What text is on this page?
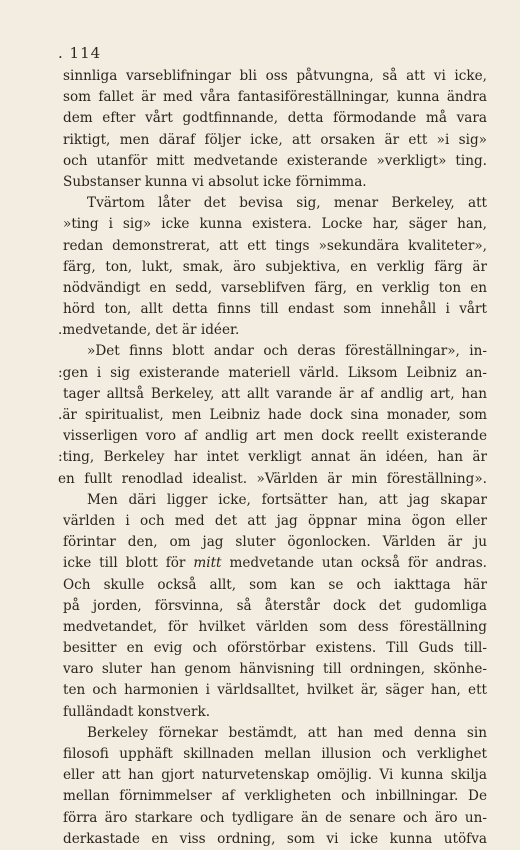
. 114
sinnliga varseblifningar bli oss påtvungna, så att vi icke,
som fallet är med våra fantasiföreställningar, kunna ändra
dem efter vårt godtfinnande, detta förmodande må vara
riktigt, men däraf följer icke, att orsaken är ett »i sig»
och utanför mitt medvetande existerande »verkligt» ting.
Substanser kunna vi absolut icke förnimma.
Tvärtom låter det bevisa sig, menar Berkeley, att
»ting i sig» icke kunna existera. Locke har, säger han,
redan demonstrerat, att ett tings »sekundära kvaliteter»,
färg, ton, lukt, smak, äro subjektiva, en verklig färg är
nödvändigt en sedd, varseblifven färg, en verklig ton en
hörd ton, allt detta finns till endast som innehåll i vårt
.medvetande, det är idéer.
»Det finns blott andar och deras föreställningar», in-
:gen i sig existerande materiell värld. Liksom Leibniz an-
tager alltså Berkeley, att allt varande är af andlig art, han
.är spiritualist, men Leibniz hade dock sina monader, som
visserligen voro af andlig art men dock reellt existerande
:ting, Berkeley har intet verkligt annat än idéen, han är
en fullt renodlad idealist. »Världen är min föreställning».
Men däri ligger icke, fortsätter han, att jag skapar
världen i och med det att jag öppnar mina ögon eller
förintar den, om jag sluter ögonlocken. Världen är ju
icke till blott för mitt medvetande utan också för andras.
Och skulle också allt, som kan se och iakttaga här
på jorden, försvinna, så återstår dock det gudomliga
medvetandet, för hvilket världen som dess föreställning
besitter en evig och oförstörbar existens. Till Guds till-
varo sluter han genom hänvisning till ordningen, skönhe-
ten och harmonien i världsalltet, hvilket är, säger han, ett
fulländadt konstverk.
Berkeley förnekar bestämdt, att han med denna sin
filosofi upphäft skillnaden mellan illusion och verklighet
eller att han gjort naturvetenskap omöjlig. Vi kunna skilja
mellan förnimmelser af verkligheten och inbillningar. De
förra äro starkare och tydligare än de senare och äro un-
derkastade en viss ordning, som vi icke kunna utöfva
